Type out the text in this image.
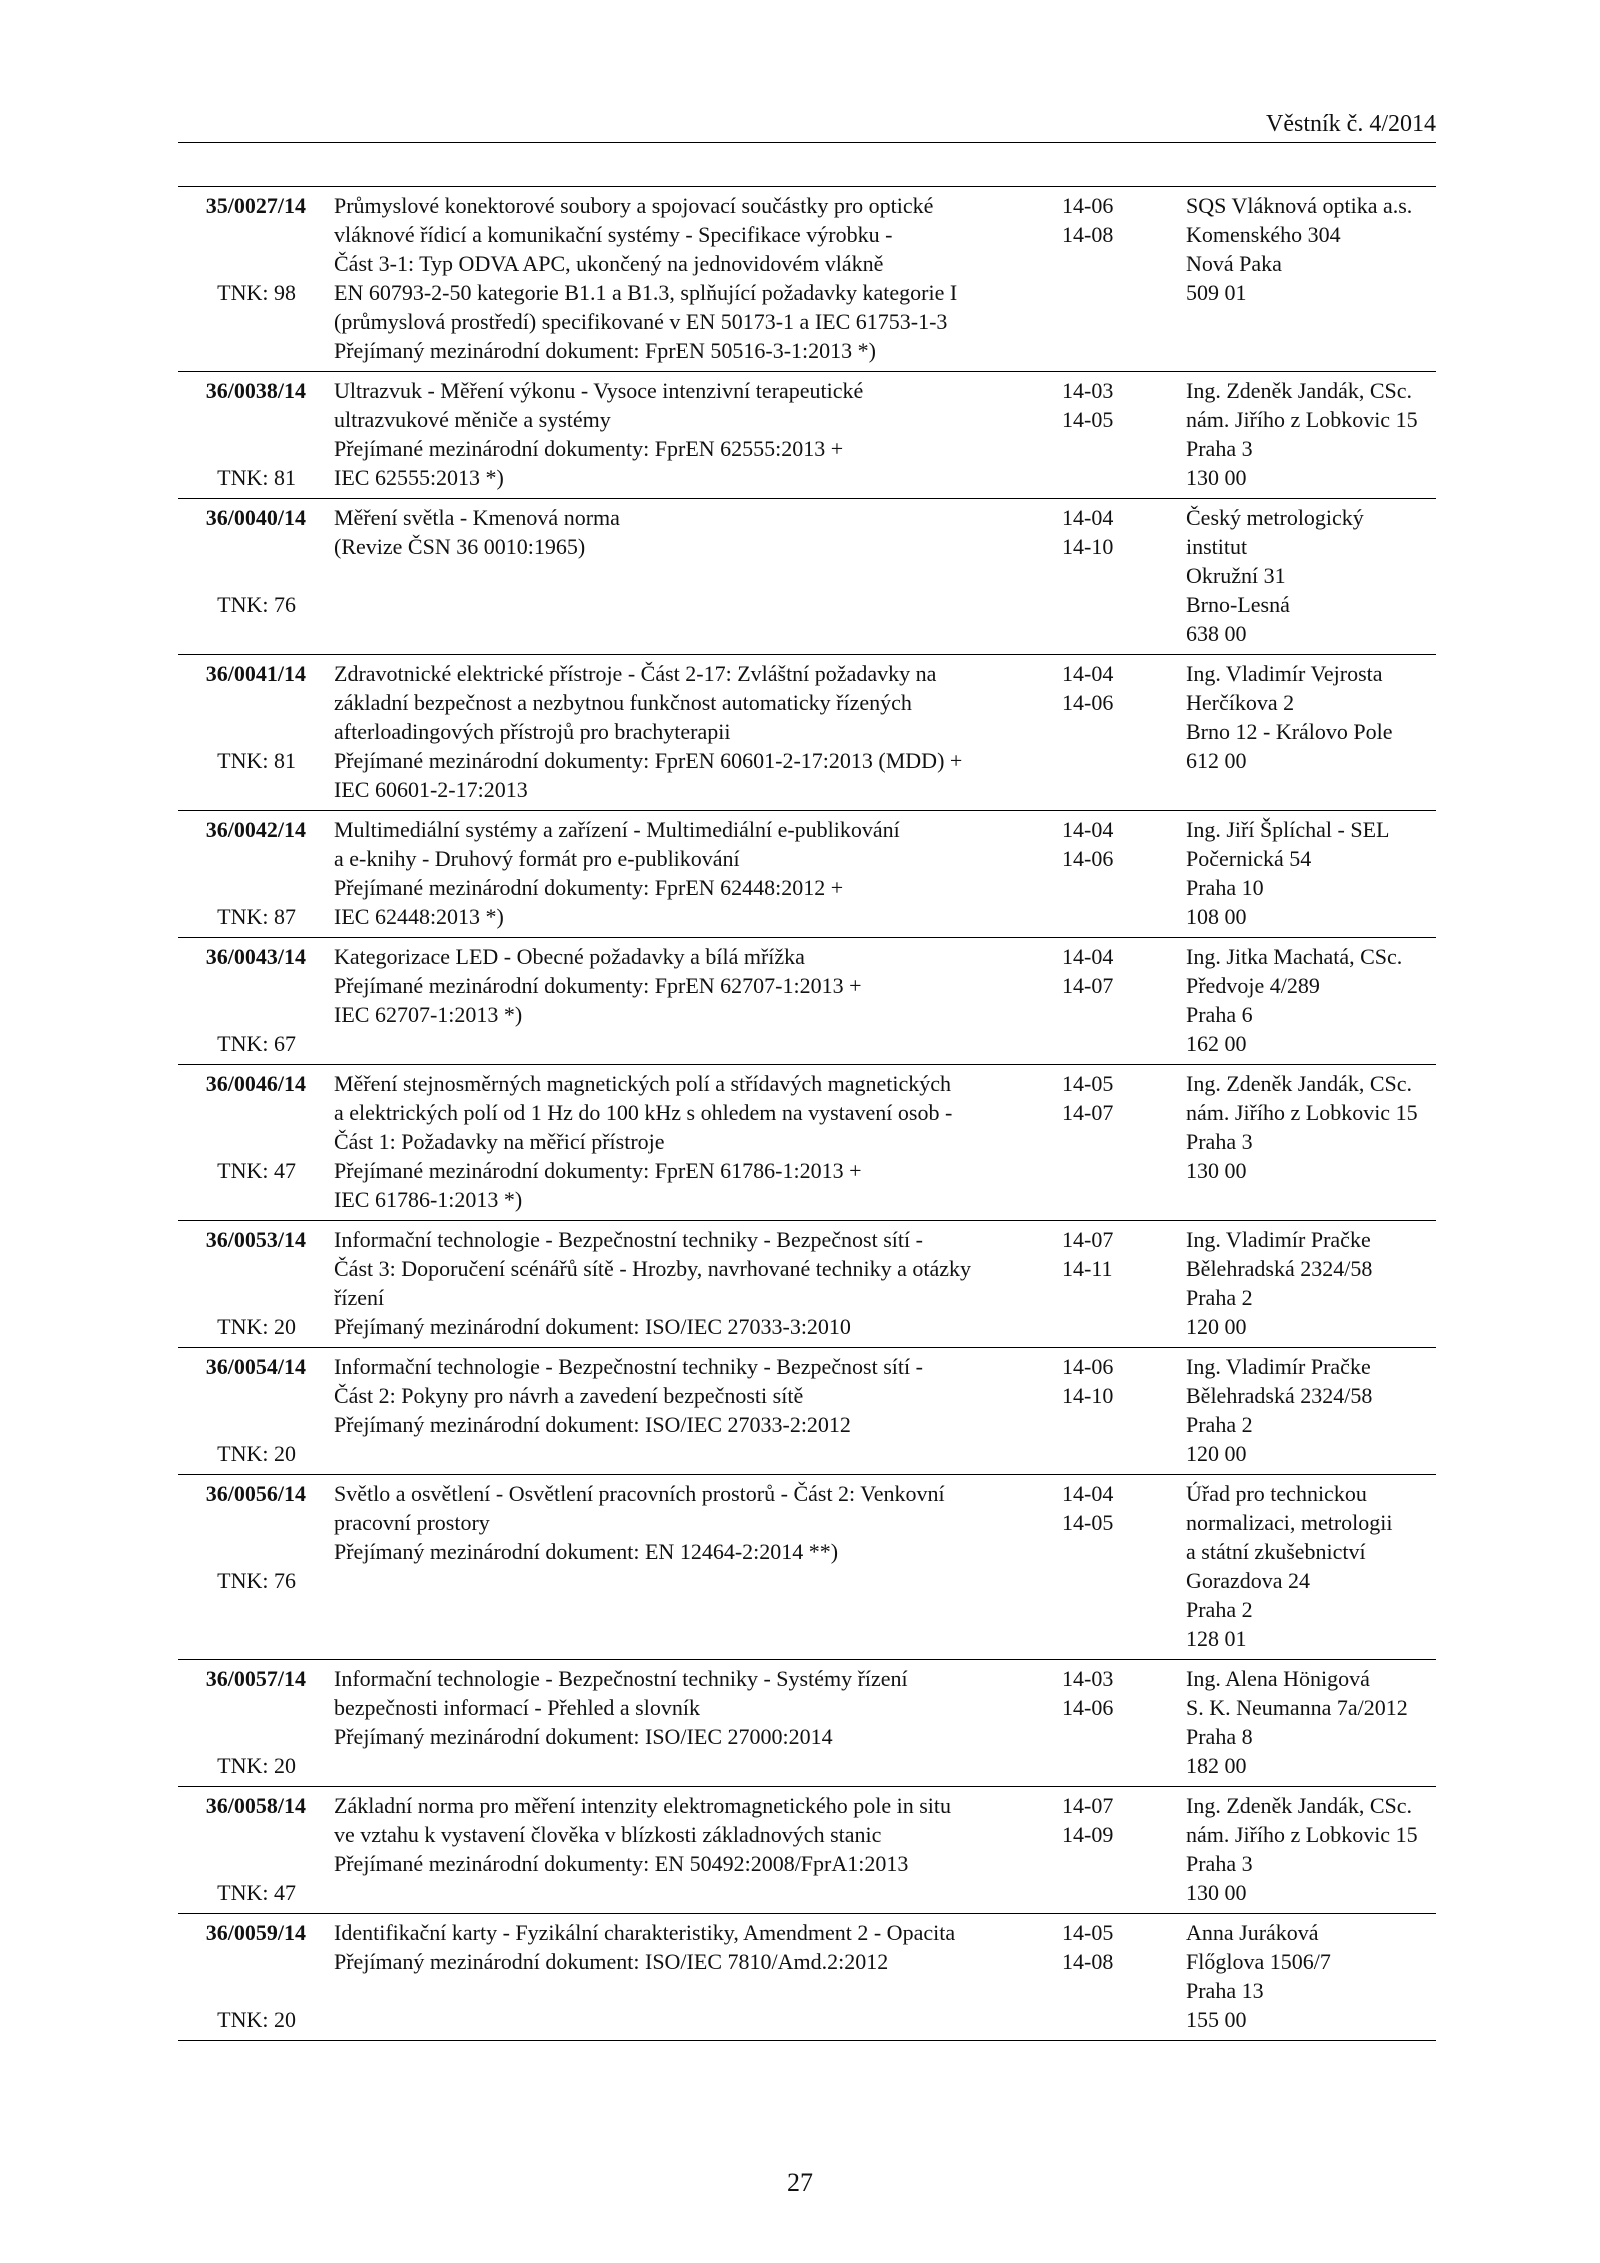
Věstník č. 4/2014
35/0027/14
TNK: 98
Průmyslové konektorové soubory a spojovací součástky pro optické
vláknové řídicí a komunikační systémy - Specifikace výrobku -
Část 3-1: Typ ODVA APC, ukončený na jednovidovém vlákně
EN 60793-2-50 kategorie B1.1 a B1.3, splňující požadavky kategorie I
(průmyslová prostředí) specifikované v EN 50173-1 a IEC 61753-1-3
Přejímaný mezinárodní dokument: FprEN 50516-3-1:2013 *)
14-06
14-08
SQS Vláknová optika a.s.
Komenského 304
Nová Paka
509 01
36/0038/14
TNK: 81
Ultrazvuk - Měření výkonu - Vysoce intenzivní terapeutické
ultrazvukové měniče a systémy
Přejímané mezinárodní dokumenty: FprEN 62555:2013 +
IEC 62555:2013 *)
14-03
14-05
Ing. Zdeněk Jandák, CSc.
nám. Jiřího z Lobkovic 15
Praha 3
130 00
36/0040/14
TNK: 76
Měření světla - Kmenová norma
(Revize ČSN 36 0010:1965)
14-04
14-10
Český metrologický
institut
Okružní 31
Brno-Lesná
638 00
36/0041/14
TNK: 81
Zdravotnické elektrické přístroje - Část 2-17: Zvláštní požadavky na
základní bezpečnost a nezbytnou funkčnost automaticky řízených
afterloadingových přístrojů pro brachyterapii
Přejímané mezinárodní dokumenty: FprEN 60601-2-17:2013 (MDD) +
IEC 60601-2-17:2013
14-04
14-06
Ing. Vladimír Vejrosta
Herčíkova 2
Brno 12 - Královo Pole
612 00
36/0042/14
TNK: 87
Multimediální systémy a zařízení - Multimediální e-publikování
a e-knihy - Druhový formát pro e-publikování
Přejímané mezinárodní dokumenty: FprEN 62448:2012 +
IEC 62448:2013 *)
14-04
14-06
Ing. Jiří Šplíchal - SEL
Počernická 54
Praha 10
108 00
36/0043/14
TNK: 67
Kategorizace LED - Obecné požadavky a bílá mřížka
Přejímané mezinárodní dokumenty: FprEN 62707-1:2013 +
IEC 62707-1:2013 *)
14-04
14-07
Ing. Jitka Machatá, CSc.
Předvoje 4/289
Praha 6
162 00
36/0046/14
TNK: 47
Měření stejnosměrných magnetických polí a střídavých magnetických
a elektrických polí od 1 Hz do 100 kHz s ohledem na vystavení osob -
Část 1: Požadavky na měřicí přístroje
Přejímané mezinárodní dokumenty: FprEN 61786-1:2013 +
IEC 61786-1:2013 *)
14-05
14-07
Ing. Zdeněk Jandák, CSc.
nám. Jiřího z Lobkovic 15
Praha 3
130 00
36/0053/14
TNK: 20
Informační technologie - Bezpečnostní techniky - Bezpečnost sítí -
Část 3: Doporučení scénářů sítě - Hrozby, navrhované techniky a otázky
řízení
Přejímaný mezinárodní dokument: ISO/IEC 27033-3:2010
14-07
14-11
Ing. Vladimír Pračke
Bělehradská 2324/58
Praha 2
120 00
36/0054/14
TNK: 20
Informační technologie - Bezpečnostní techniky - Bezpečnost sítí -
Část 2: Pokyny pro návrh a zavedení bezpečnosti sítě
Přejímaný mezinárodní dokument: ISO/IEC 27033-2:2012
14-06
14-10
Ing. Vladimír Pračke
Bělehradská 2324/58
Praha 2
120 00
36/0056/14
TNK: 76
Světlo a osvětlení - Osvětlení pracovních prostorů - Část 2: Venkovní
pracovní prostory
Přejímaný mezinárodní dokument: EN 12464-2:2014 **)
14-04
14-05
Úřad pro technickou
normalizaci, metrologii
a státní zkušebnictví
Gorazdova 24
Praha 2
128 01
36/0057/14
TNK: 20
Informační technologie - Bezpečnostní techniky - Systémy řízení
bezpečnosti informací - Přehled a slovník
Přejímaný mezinárodní dokument: ISO/IEC 27000:2014
14-03
14-06
Ing. Alena Hönigová
S. K. Neumanna 7a/2012
Praha 8
182 00
36/0058/14
TNK: 47
Základní norma pro měření intenzity elektromagnetického pole in situ
ve vztahu k vystavení člověka v blízkosti základnových stanic
Přejímané mezinárodní dokumenty: EN 50492:2008/FprA1:2013
14-07
14-09
Ing. Zdeněk Jandák, CSc.
nám. Jiřího z Lobkovic 15
Praha 3
130 00
36/0059/14
TNK: 20
Identifikační karty - Fyzikální charakteristiky, Amendment 2 - Opacita
Přejímaný mezinárodní dokument: ISO/IEC 7810/Amd.2:2012
14-05
14-08
Anna Juráková
Flőglova 1506/7
Praha 13
155 00
27
